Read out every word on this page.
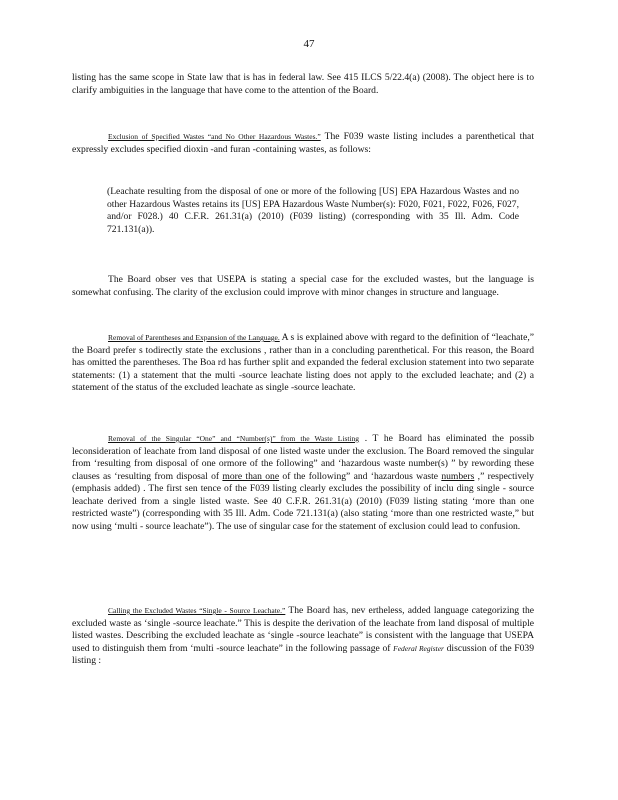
47

listing has the same scope in State law that is has in federal law. See 415 ILCS 5/22.4(a) (2008). The object here is to clarify ambiguities in the language that have come to the attention of the Board.

Exclusion of Specified Wastes “and No Other Hazardous Wastes.” The F039 waste listing includes a parenthetical that expressly excludes specified dioxin -and furan -containing wastes, as follows:

(Leachate resulting from the disposal of one or more of the following [US] EPA Hazardous Wastes and no other Hazardous Wastes retains its [US] EPA Hazardous Waste Number(s): F020, F021, F022, F026, F027, and/or F028.) 40 C.F.R. 261.31(a) (2010) (F039 listing) (corresponding with 35 Ill. Adm. Code 721.131(a)).

The Board obser ves that USEPA is stating a special case for the excluded wastes, but the language is somewhat confusing. The clarity of the exclusion could improve with minor changes in structure and language.

Removal of Parentheses and Expansion of the Language. A s is explained above with regard to the definition of “leachate,” the Board prefer s todirectly state the exclusions , rather than in a concluding parenthetical. For this reason, the Board has omitted the parentheses. The Boa rd has further split and expanded the federal exclusion statement into two separate statements: (1) a statement that the multi -source leachate listing does not apply to the excluded leachate; and (2) a statement of the status of the excluded leachate as single -source leachate.

Removal of the Singular “One” and “Number(s)” from the Waste Listing . T he Board has eliminated the possib leconsideration of leachate from land disposal of one listed waste under the exclusion. The Board removed the singular from ‘resulting from disposal of one ormore of the following” and ‘hazardous waste number(s) ” by rewording these clauses as ‘resulting from disposal of more than one of the following” and ‘hazardous waste numbers ,” respectively (emphasis added) . The first sen tence of the F039 listing clearly excludes the possibility of inclu ding single - source leachate derived from a single listed waste. See 40 C.F.R. 261.31(a) (2010) (F039 listing stating ‘more than one restricted waste”) (corresponding with 35 Ill. Adm. Code 721.131(a) (also stating ‘more than one restricted waste,” but now using ‘multi - source leachate”). The use of singular case for the statement of exclusion could lead to confusion.

Calling the Excluded Wastes “Single - Source Leachate.” The Board has, nev ertheless, added language categorizing the excluded waste as ‘single -source leachate.” This is despite the derivation of the leachate from land disposal of multiple listed wastes. Describing the excluded leachate as ‘single -source leachate” is consistent with the language that USEPA used to distinguish them from ‘multi -source leachate” in the following passage of Federal Register discussion of the F039 listing :
